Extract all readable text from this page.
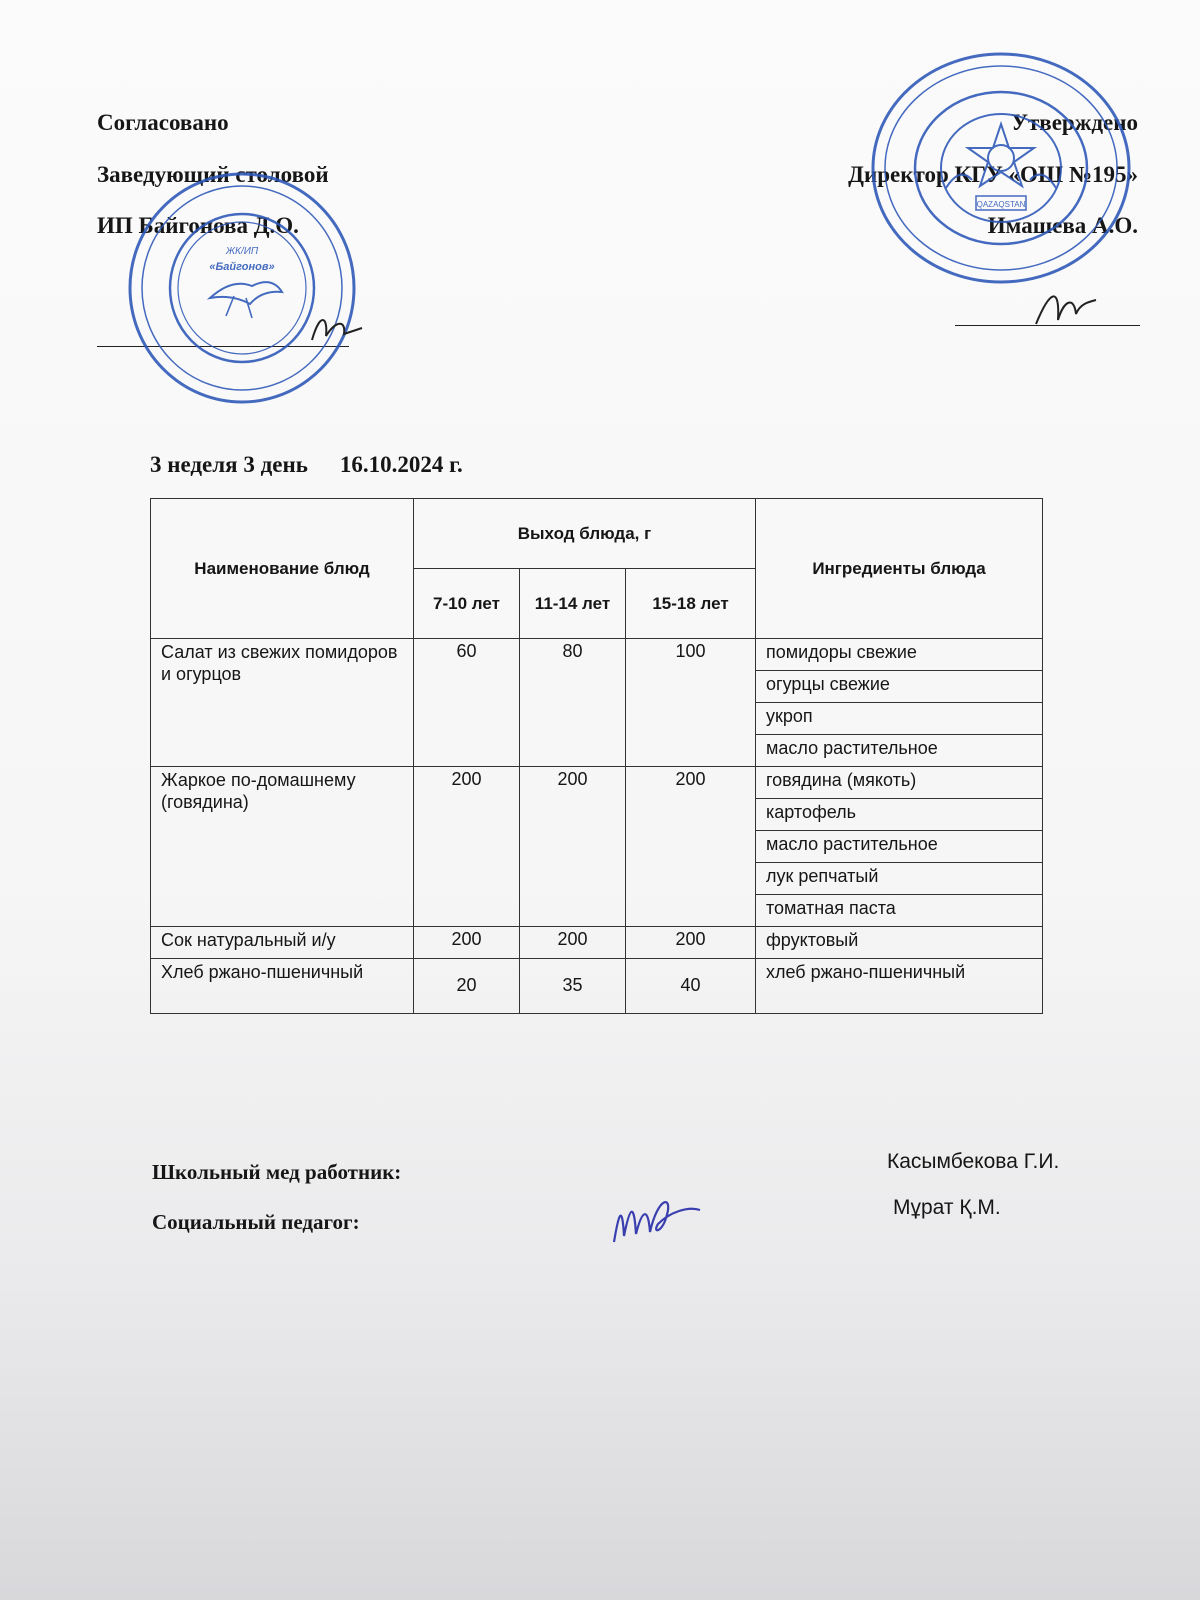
Согласовано
Заведующий столовой
ИП Байгонова Д.О.
Утверждено
Директор КГУ «ОШ №195»
Имашева А.О.
ЖК/ИП
«Байгонов»
QAZAQSTAN
3 неделя 3 день 16.10.2024 г.
Наименование блюд	Выход блюда, г			Ингредиенты блюда
	7-10 лет	11-14 лет	15-18 лет	
Салат из свежих помидоров и огурцов	60	80	100	помидоры свежие
				огурцы свежие
				укроп
				масло растительное
Жаркое по-домашнему (говядина)	200	200	200	говядина (мякоть)
				картофель
				масло растительное
				лук репчатый
				томатная паста
Сок натуральный и/у	200	200	200	фруктовый
Хлеб ржано-пшеничный	20	35	40	хлеб ржано-пшеничный
Школьный мед работник:	Касымбекова Г.И.
Социальный педагог:
Мұрат Қ.М.
